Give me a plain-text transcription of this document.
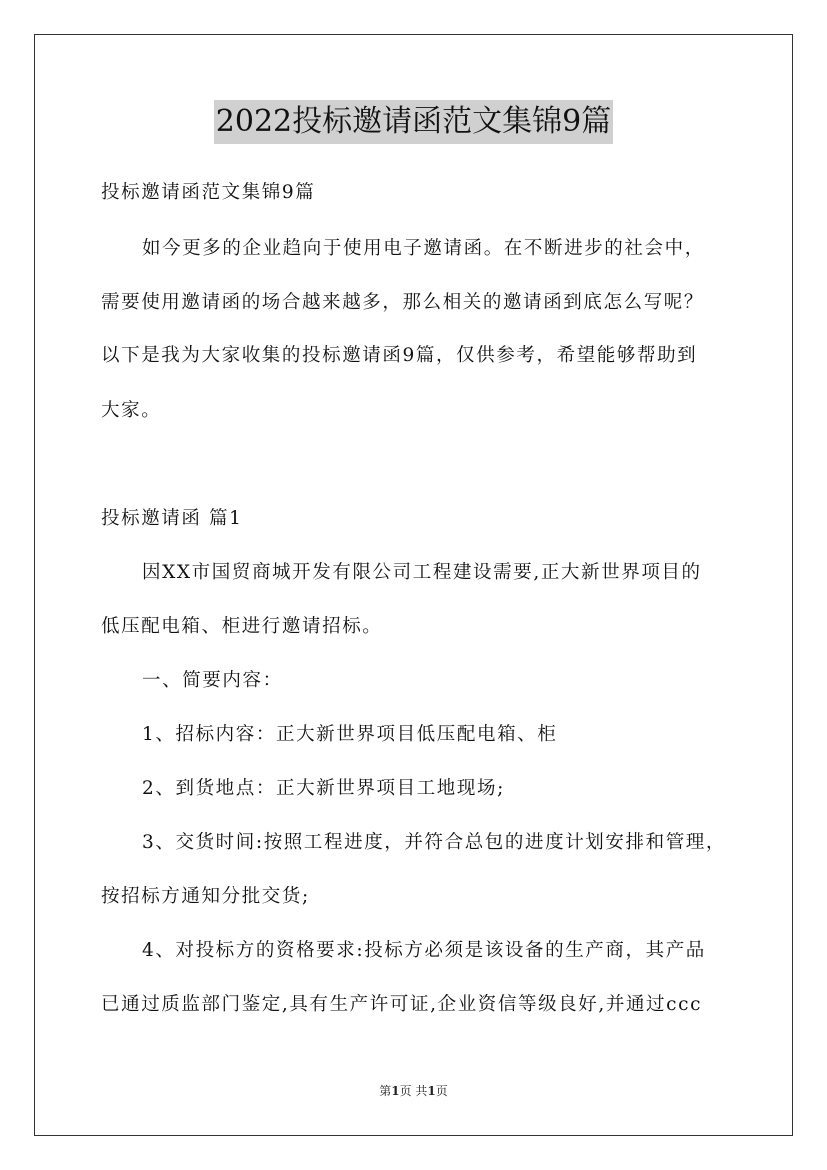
2022投标邀请函范文集锦9篇
投标邀请函范文集锦9篇
如今更多的企业趋向于使用电子邀请函。在不断进步的社会中，
需要使用邀请函的场合越来越多，那么相关的邀请函到底怎么写呢？
以下是我为大家收集的投标邀请函9篇，仅供参考，希望能够帮助到
大家。
投标邀请函 篇1
因XX市国贸商城开发有限公司工程建设需要,正大新世界项目的
低压配电箱、柜进行邀请招标。
一、简要内容：
1、招标内容：正大新世界项目低压配电箱、柜
2、到货地点：正大新世界项目工地现场;
3、交货时间:按照工程进度，并符合总包的进度计划安排和管理，
按招标方通知分批交货;
4、对投标方的资格要求:投标方必须是该设备的生产商，其产品
已通过质监部门鉴定,具有生产许可证,企业资信等级良好,并通过ccc
第1页 共1页
